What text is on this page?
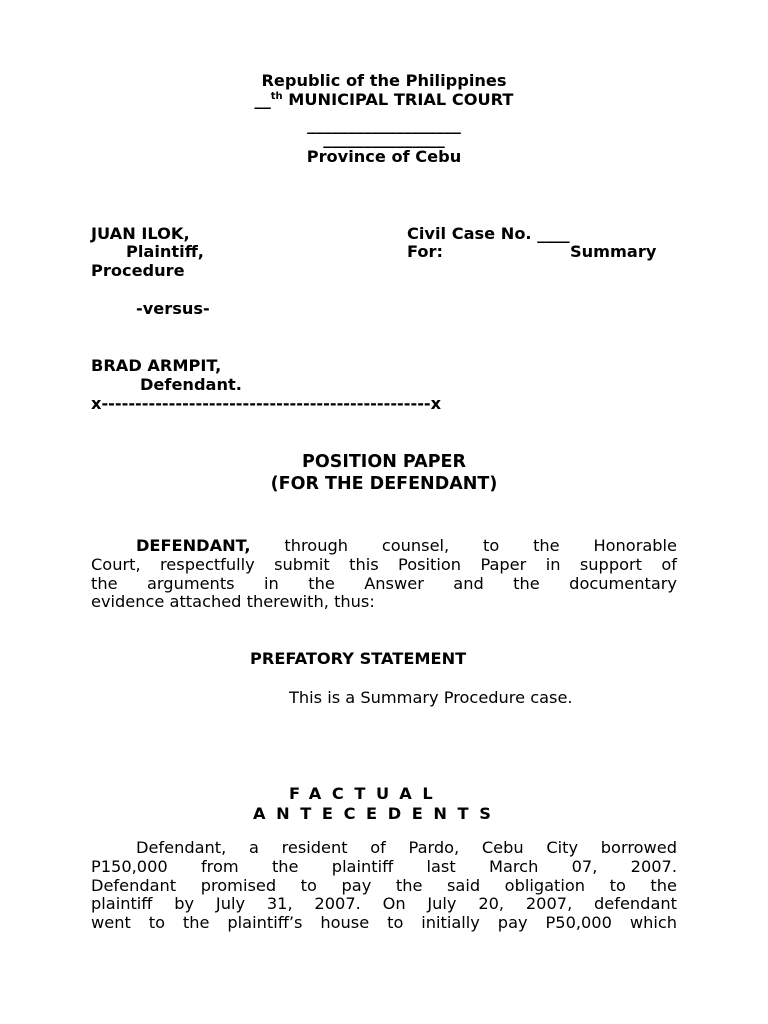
Republic of the Philippines
__$^{th}$ MUNICIPAL TRIAL COURT
___________________
_______________
Province of Cebu
JUAN ILOK,
Plaintiff,
Procedure
Civil Case No. ____
For:	Summary
-versus-
BRAD ARMPIT,
Defendant.
x-------------------------------------------------x
POSITION PAPER
(FOR THE DEFENDANT)
DEFENDANT, through counsel, to the Honorable
Court, respectfully submit this Position Paper in support of
the arguments in the Answer and the documentary
evidence attached therewith, thus:
PREFATORY STATEMENT
This is a Summary Procedure case.
FACTUAL
ANTECEDENTS
Defendant, a resident of Pardo, Cebu City borrowed
P150,000 from the plaintiff last March 07, 2007.
Defendant promised to pay the said obligation to the
plaintiff by July 31, 2007. On July 20, 2007, defendant
went to the plaintiff’s house to initially pay P50,000 which
